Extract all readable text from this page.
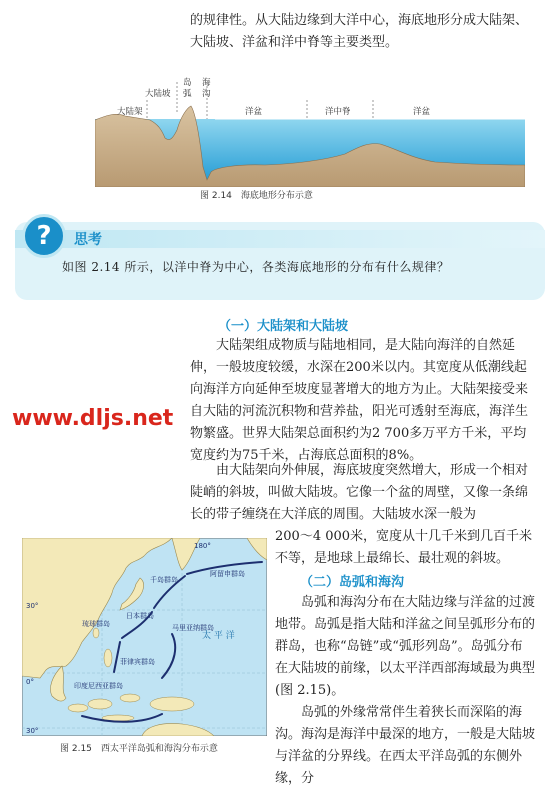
的规律性。从大陆边缘到大洋中心，海底地形分成大陆架、大陆坡、洋盆和洋中脊等主要类型。
大陆架
大陆坡
岛
弧
海
沟
洋盆	洋中脊	洋盆
图 2.14　海底地形分布示意
?	思考
如图 2.14 所示，以洋中脊为中心，各类海底地形的分布有什么规律？
（一）大陆架和大陆坡
大陆架组成物质与陆地相同，是大陆向海洋的自然延伸，一般坡度较缓，水深在200米以内。其宽度从低潮线起向海洋方向延伸至坡度显著增大的地方为止。大陆架接受来自大陆的河流沉积物和营养盐，阳光可透射至海底，海洋生物繁盛。世界大陆架总面积约为2 700多万平方千米，平均宽度约为75千米，占海底总面积的8%。
由大陆架向外伸展，海底坡度突然增大，形成一个相对陡峭的斜坡，叫做大陆坡。它像一个盆的周壁，又像一条绵长的带子缠绕在大洋底的周围。大陆坡水深一般为
200～4 000米，宽度从十几千米到几百千米不等，是地球上最绵长、最壮观的斜坡。
www.dljs.net
（二）岛弧和海沟
岛弧和海沟分布在大陆边缘与洋盆的过渡地带。岛弧是指大陆和洋盆之间呈弧形分布的群岛，也称“岛链”或“弧形列岛”。岛弧分布在大陆坡的前缘，以太平洋西部海域最为典型(图 2.15)。
岛弧的外缘常常伴生着狭长而深陷的海沟。海沟是海洋中最深的地方，一般是大陆坡与洋盆的分界线。在西太平洋岛弧的东侧外缘，分
180°
30°
0°
30°
阿留申群岛
千岛群岛
日本群岛
琉球群岛
菲律宾群岛
马里亚纳群岛
印度尼西亚群岛
太 平 洋
图 2.15　西太平洋岛弧和海沟分布示意
